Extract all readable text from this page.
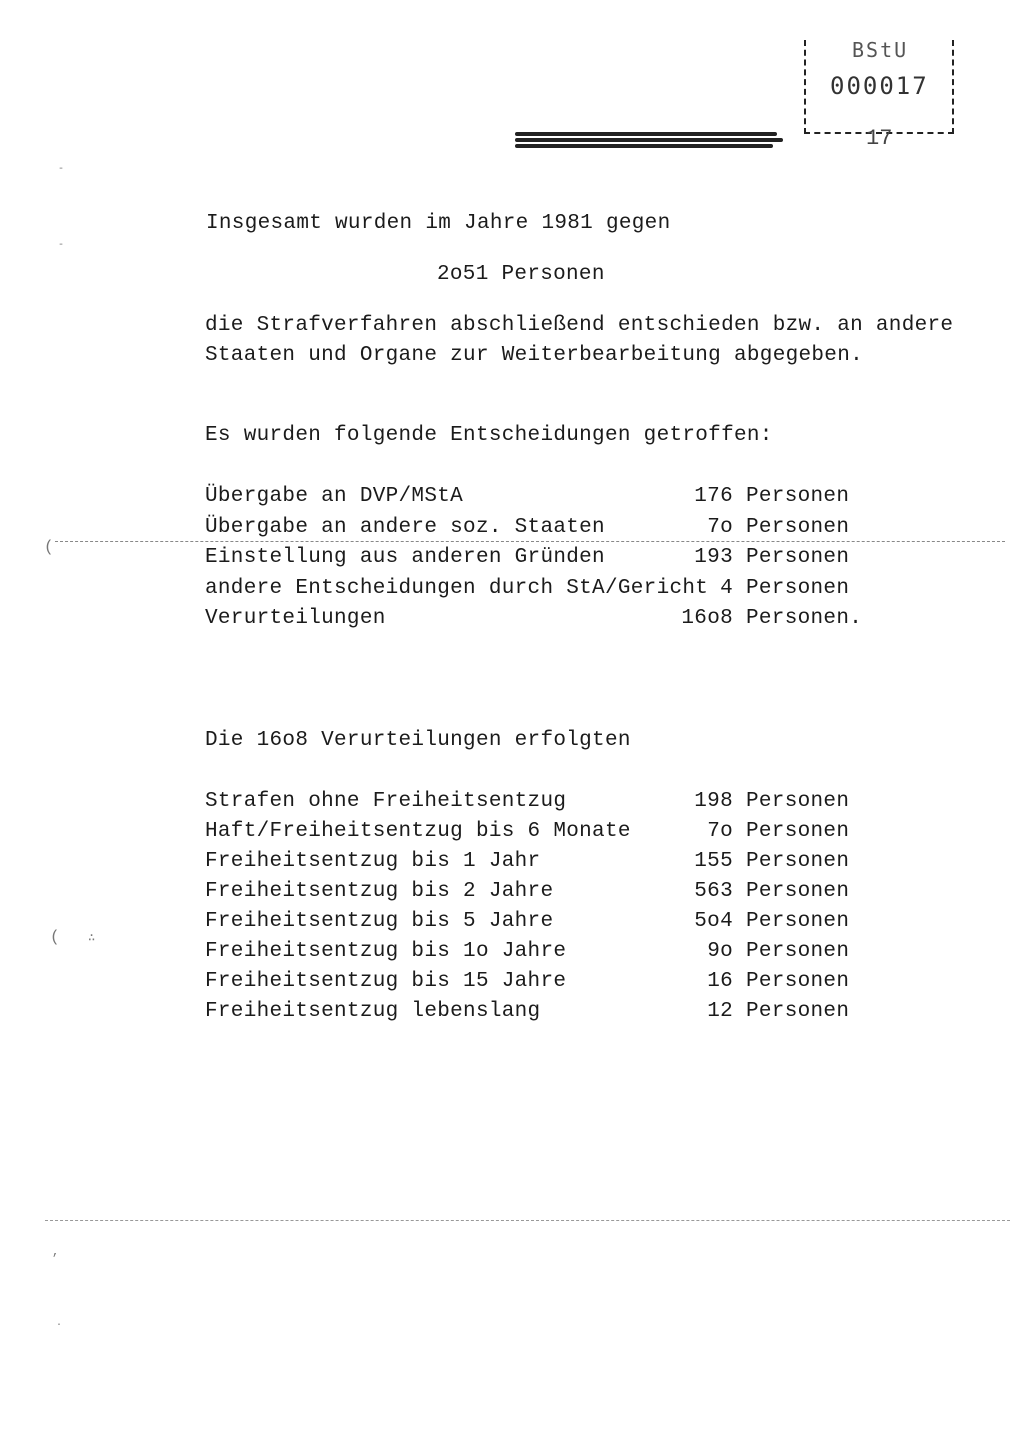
BStU
000017
17
Insgesamt wurden im Jahre 1981 gegen
2o51 Personen
die Strafverfahren abschließend entschieden bzw. an andere
Staaten und Organe zur Weiterbearbeitung abgegeben.
Es wurden folgende Entscheidungen getroffen:
Übergabe an DVP/MStA	176 Personen
Übergabe an andere soz. Staaten	7o Personen
Einstellung aus anderen Gründen	193 Personen
andere Entscheidungen durch StA/Gericht 4 Personen
Verurteilungen	16o8 Personen.
Die 16o8 Verurteilungen erfolgten
Strafen ohne Freiheitsentzug	198 Personen
Haft/Freiheitsentzug bis 6 Monate	7o Personen
Freiheitsentzug bis 1 Jahr	155 Personen
Freiheitsentzug bis 2 Jahre	563 Personen
Freiheitsentzug bis 5 Jahre	5o4 Personen
Freiheitsentzug bis 1o Jahre	9o Personen
Freiheitsentzug bis 15 Jahre	16 Personen
Freiheitsentzug lebenslang	12 Personen
(
( ∴
-
-
,
.
